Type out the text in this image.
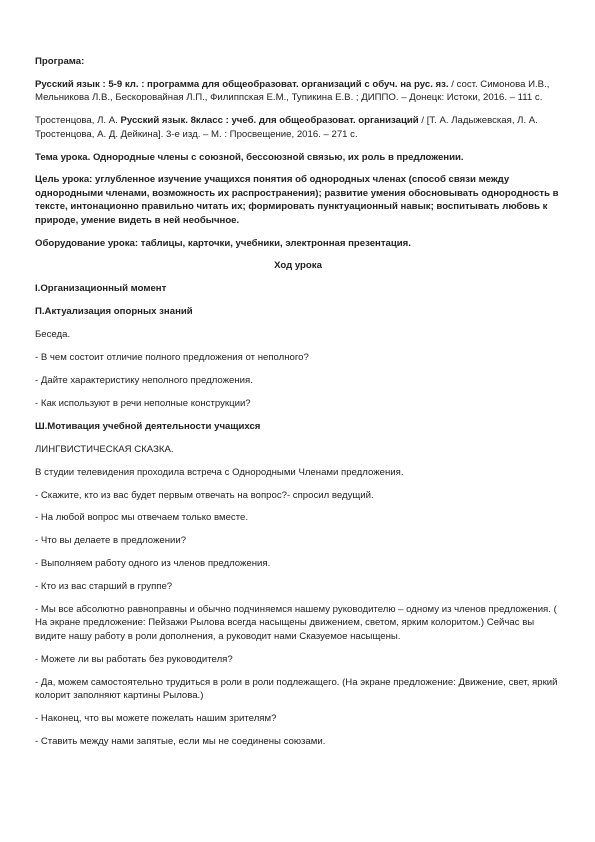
Програма:

Русский язык : 5-9 кл. : программа для общеобразоват. организаций с обуч. на рус. яз. / сост. Симонова И.В., Мельникова Л.В., Бескоровайная Л.П., Филиппская Е.М., Тупикина Е.В. ; ДИППО. – Донецк: Истоки, 2016. – 111 с.

Тростенцова, Л. А. Русский язык. 8класс : учеб. для общеобразоват. организаций / [Т. А. Ладыжевская, Л. А. Тростенцова, А. Д. Дейкина]. 3-е изд. – М. : Просвещение, 2016. – 271 с.

Тема урока. Однородные члены с союзной, бессоюзной связью, их роль в предложении.

Цель урока: углубленное изучение учащихся понятия об однородных членах (способ связи между однородными членами, возможность их распространения); развитие умения обосновывать однородность в тексте, интонационно правильно читать их; формировать пунктуационный навык; воспитывать любовь к природе, умение видеть в ней необычное.

Оборудование урока: таблицы, карточки, учебники, электронная презентация.

Ход урока

I.Организационный момент

П.Актуализация опорных знаний

Беседа.

- В чем состоит отличие полного предложения от неполного?

- Дайте характеристику неполного предложения.

- Как используют в речи неполные конструкции?

Ш.Мотивация учебной деятельности учащихся

ЛИНГВИСТИЧЕСКАЯ СКАЗКА.

В студии телевидения проходила встреча с Однородными Членами предложения.

- Скажите, кто из вас будет первым отвечать на вопрос?- спросил ведущий.

- На любой вопрос мы отвечаем только вместе.

- Что вы делаете в предложении?

- Выполняем работу одного из членов предложения.

- Кто из вас старший в группе?

- Мы все абсолютно равноправны и обычно подчиняемся нашему руководителю – одному из членов предложения. ( На экране предложение: Пейзажи Рылова всегда насыщены движением, светом, ярким колоритом.) Сейчас вы видите нашу работу в роли дополнения, а руководит нами Сказуемое насыщены.

- Можете ли вы работать без руководителя?

- Да, можем самостоятельно трудиться в роли в роли подлежащего. (На экране предложение: Движение, свет, яркий колорит заполняют картины Рылова.)

- Наконец, что вы можете пожелать нашим зрителям?

- Ставить между нами запятые, если мы не соединены союзами.
